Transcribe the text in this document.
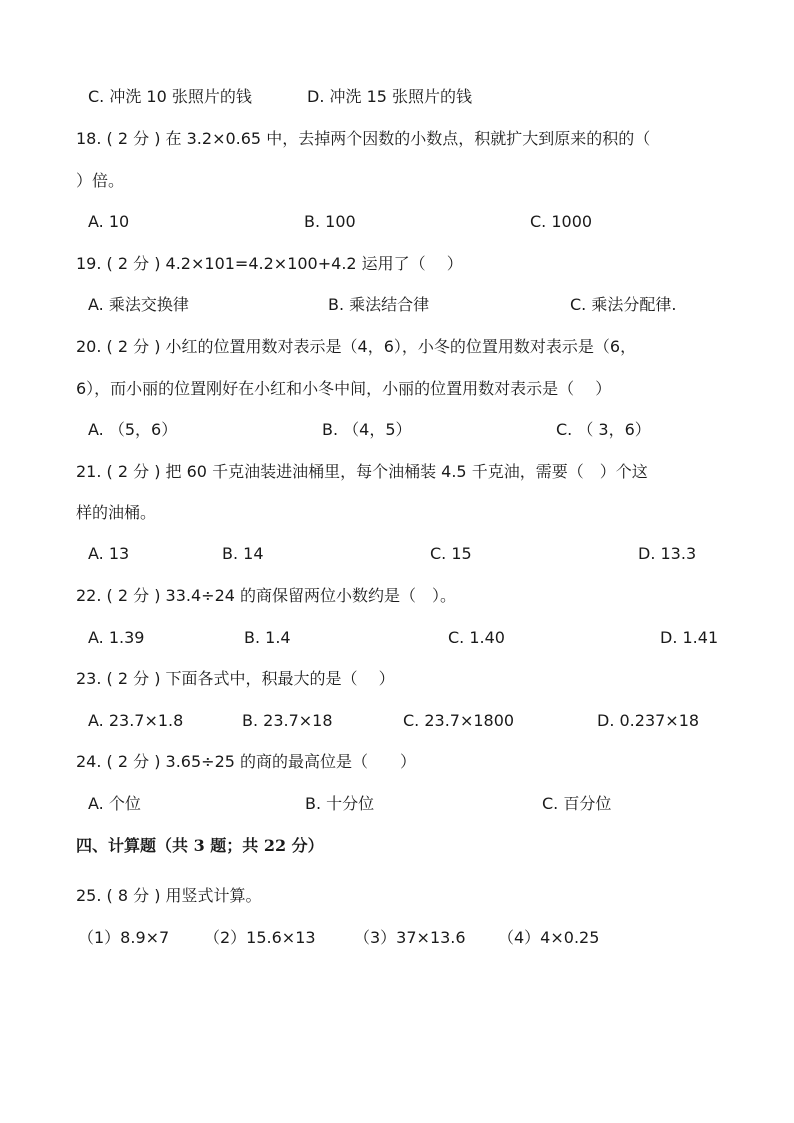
C. 冲洗 10 张照片的钱	D. 冲洗 15 张照片的钱
18. ( 2 分 ) 在 3.2×0.65 中，去掉两个因数的小数点，积就扩大到原来的积的（
）倍。
A. 10	B. 100	C. 1000
19. ( 2 分 ) 4.2×101=4.2×100+4.2 运用了（　 ）
A. 乘法交换律	B. 乘法结合律	C. 乘法分配律.
20. ( 2 分 ) 小红的位置用数对表示是（4，6），小冬的位置用数对表示是（6，
6），而小丽的位置刚好在小红和小冬中间，小丽的位置用数对表示是（　 ）
A. （5，6）	B. （4，5）	C. （ 3，6）
21. ( 2 分 ) 把 60 千克油装进油桶里，每个油桶装 4.5 千克油，需要（　）个这
样的油桶。
A. 13	B. 14	C. 15	D. 13.3
22. ( 2 分 ) 33.4÷24 的商保留两位小数约是（　）。
A. 1.39	B. 1.4	C. 1.40	D. 1.41
23. ( 2 分 ) 下面各式中，积最大的是（　 ）
A. 23.7×1.8	B. 23.7×18	C. 23.7×1800	D. 0.237×18
24. ( 2 分 ) 3.65÷25 的商的最高位是（　　）
A. 个位	B. 十分位	C. 百分位
四、计算题（共 3 题；共 22 分）
25. ( 8 分 ) 用竖式计算。
（1）8.9×7 （2）15.6×13 （3）37×13.6 （4）4×0.25
